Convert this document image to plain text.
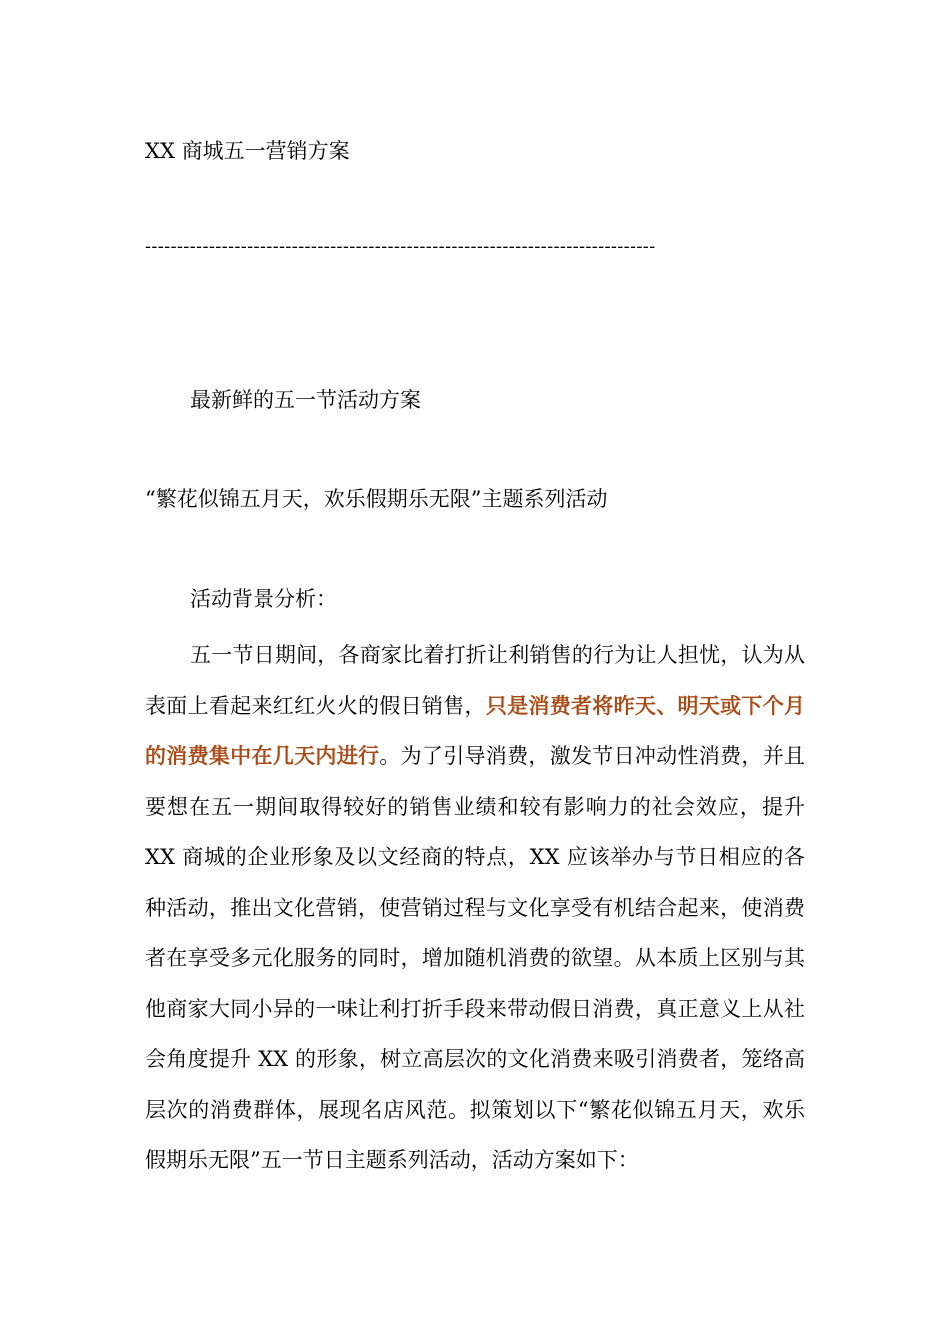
XX 商城五一营销方案
--------------------------------------------------------------------------------
最新鲜的五一节活动方案
“繁花似锦五月天，欢乐假期乐无限”主题系列活动
活动背景分析：

五一节日期间，各商家比着打折让利销售的行为让人担忧，认为从表面上看起来红红火火的假日销售，只是消费者将昨天、明天或下个月的消费集中在几天内进行。为了引导消费，激发节日冲动性消费，并且要想在五一期间取得较好的销售业绩和较有影响力的社会效应，提升 XX 商城的企业形象及以文经商的特点，XX 应该举办与节日相应的各种活动，推出文化营销，使营销过程与文化享受有机结合起来，使消费者在享受多元化服务的同时，增加随机消费的欲望。从本质上区别与其他商家大同小异的一味让利打折手段来带动假日消费，真正意义上从社会角度提升 XX 的形象，树立高层次的文化消费来吸引消费者，笼络高层次的消费群体，展现名店风范。拟策划以下“繁花似锦五月天，欢乐假期乐无限”五一节日主题系列活动，活动方案如下：
